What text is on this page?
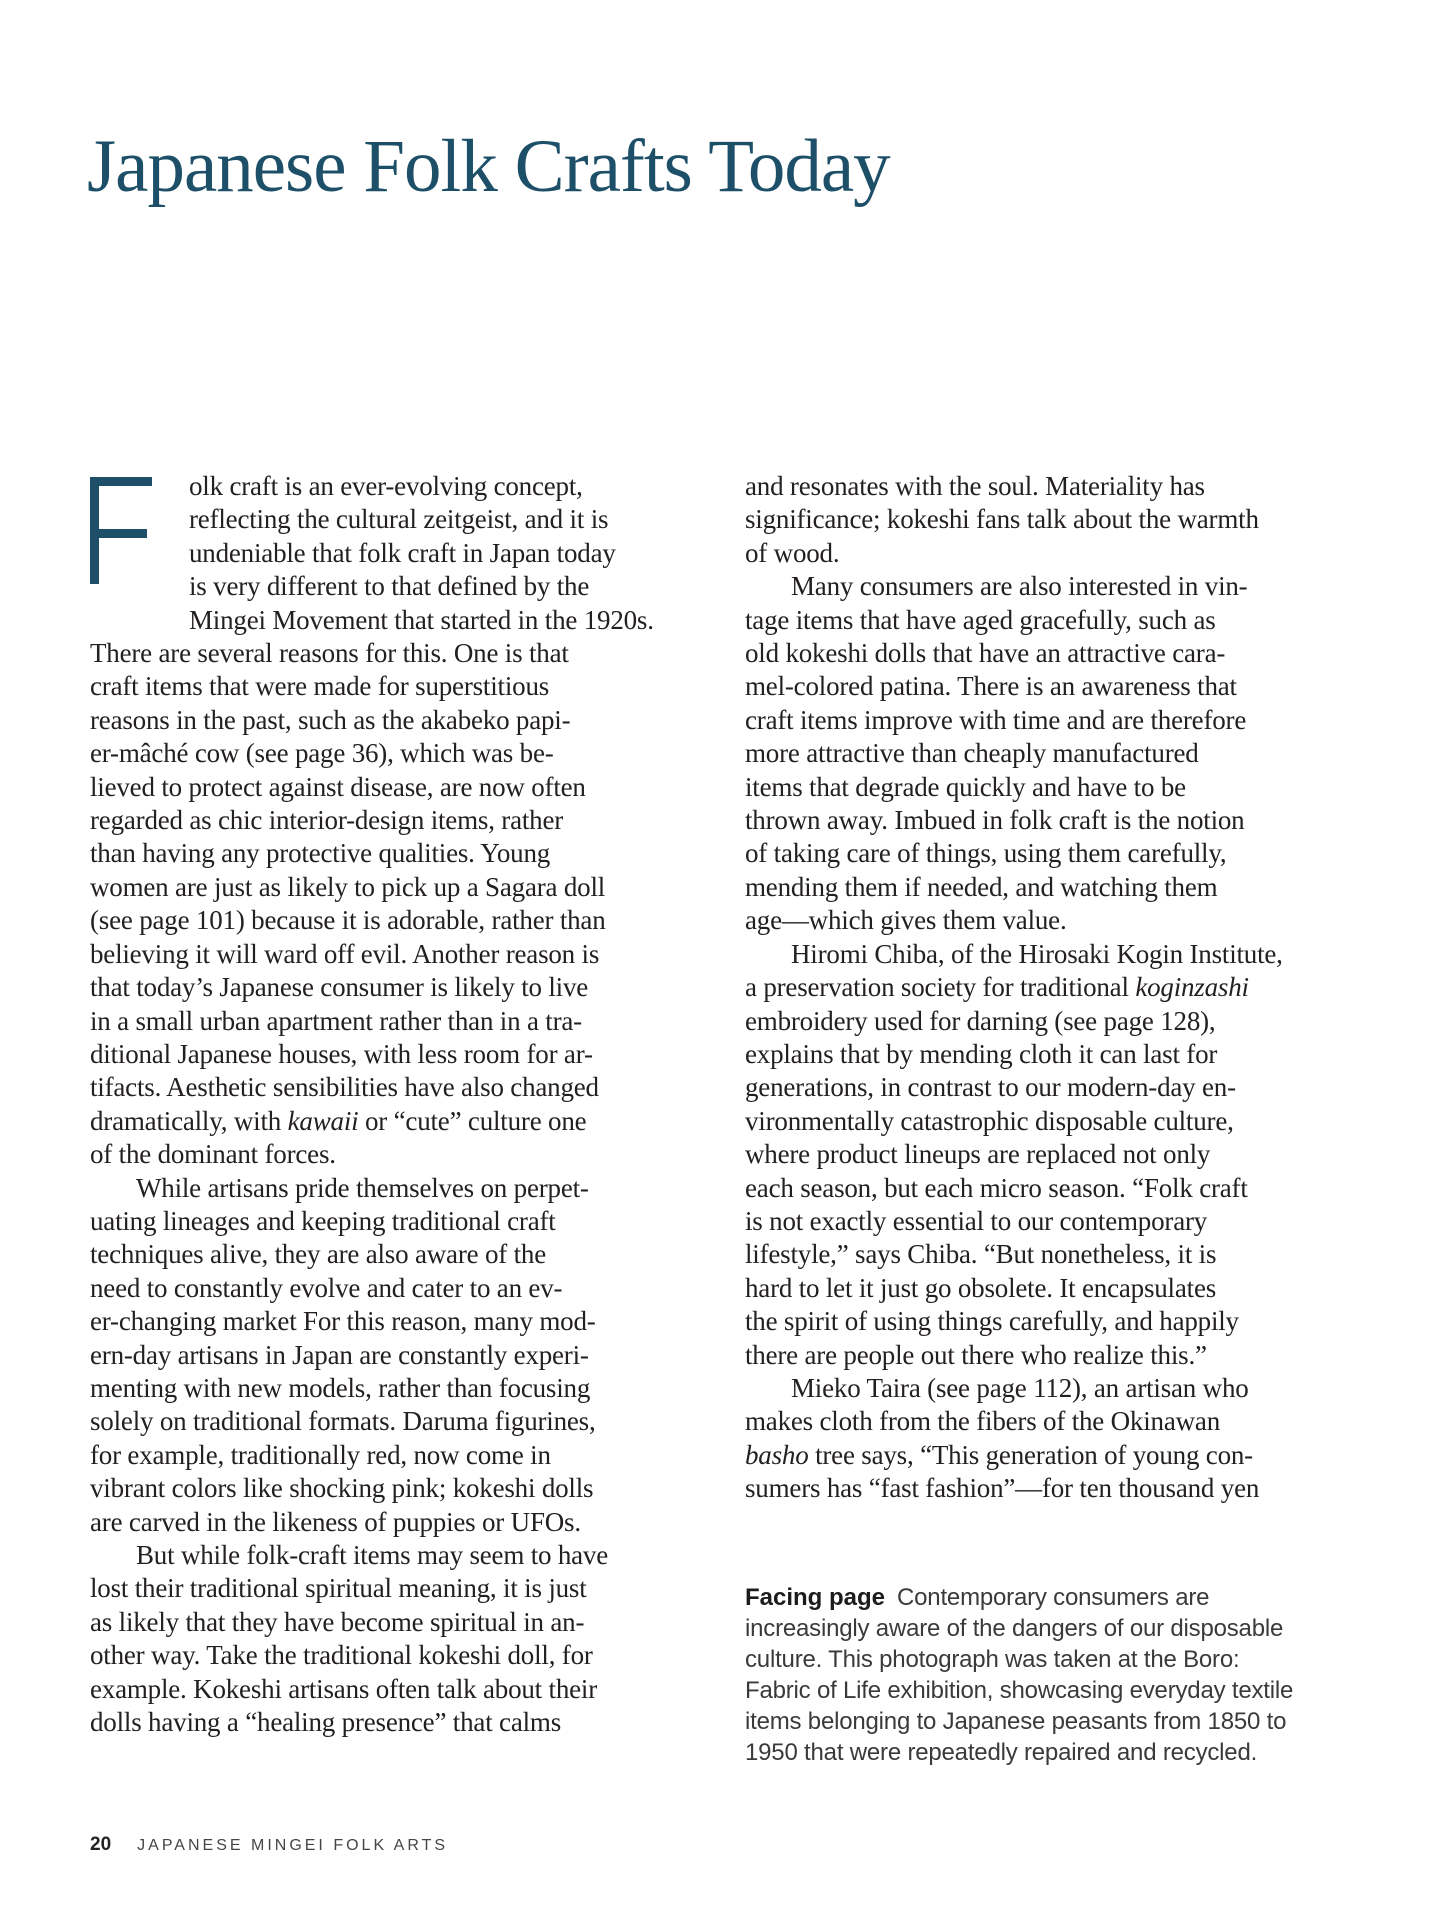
Japanese Folk Crafts Today
olk craft is an ever-evolving concept,
reflecting the cultural zeitgeist, and it is
undeniable that folk craft in Japan today
is very different to that defined by the
Mingei Movement that started in the 1920s.
There are several reasons for this. One is that
craft items that were made for superstitious
reasons in the past, such as the akabeko papi-
er-mâché cow (see page 36), which was be-
lieved to protect against disease, are now often
regarded as chic interior-design items, rather
than having any protective qualities. Young
women are just as likely to pick up a Sagara doll
(see page 101) because it is adorable, rather than
believing it will ward off evil. Another reason is
that today’s Japanese consumer is likely to live
in a small urban apartment rather than in a tra-
ditional Japanese houses, with less room for ar-
tifacts. Aesthetic sensibilities have also changed
dramatically, with kawaii or “cute” culture one
of the dominant forces.
While artisans pride themselves on perpet-
uating lineages and keeping traditional craft
techniques alive, they are also aware of the
need to constantly evolve and cater to an ev-
er-changing market For this reason, many mod-
ern-day artisans in Japan are constantly experi-
menting with new models, rather than focusing
solely on traditional formats. Daruma figurines,
for example, traditionally red, now come in
vibrant colors like shocking pink; kokeshi dolls
are carved in the likeness of puppies or UFOs.
But while folk-craft items may seem to have
lost their traditional spiritual meaning, it is just
as likely that they have become spiritual in an-
other way. Take the traditional kokeshi doll, for
example. Kokeshi artisans often talk about their
dolls having a “healing presence” that calms
and resonates with the soul. Materiality has
significance; kokeshi fans talk about the warmth
of wood.
Many consumers are also interested in vin-
tage items that have aged gracefully, such as
old kokeshi dolls that have an attractive cara-
mel-colored patina. There is an awareness that
craft items improve with time and are therefore
more attractive than cheaply manufactured
items that degrade quickly and have to be
thrown away. Imbued in folk craft is the notion
of taking care of things, using them carefully,
mending them if needed, and watching them
age—which gives them value.
Hiromi Chiba, of the Hirosaki Kogin Institute,
a preservation society for traditional koginzashi
embroidery used for darning (see page 128),
explains that by mending cloth it can last for
generations, in contrast to our modern-day en-
vironmentally catastrophic disposable culture,
where product lineups are replaced not only
each season, but each micro season. “Folk craft
is not exactly essential to our contemporary
lifestyle,” says Chiba. “But nonetheless, it is
hard to let it just go obsolete. It encapsulates
the spirit of using things carefully, and happily
there are people out there who realize this.”
Mieko Taira (see page 112), an artisan who
makes cloth from the fibers of the Okinawan
basho tree says, “This generation of young con-
sumers has “fast fashion”—for ten thousand yen
Facing page Contemporary consumers are
increasingly aware of the dangers of our disposable
culture. This photograph was taken at the Boro:
Fabric of Life exhibition, showcasing everyday textile
items belonging to Japanese peasants from 1850 to
1950 that were repeatedly repaired and recycled.
20 JAPANESE MINGEI FOLK ARTS
